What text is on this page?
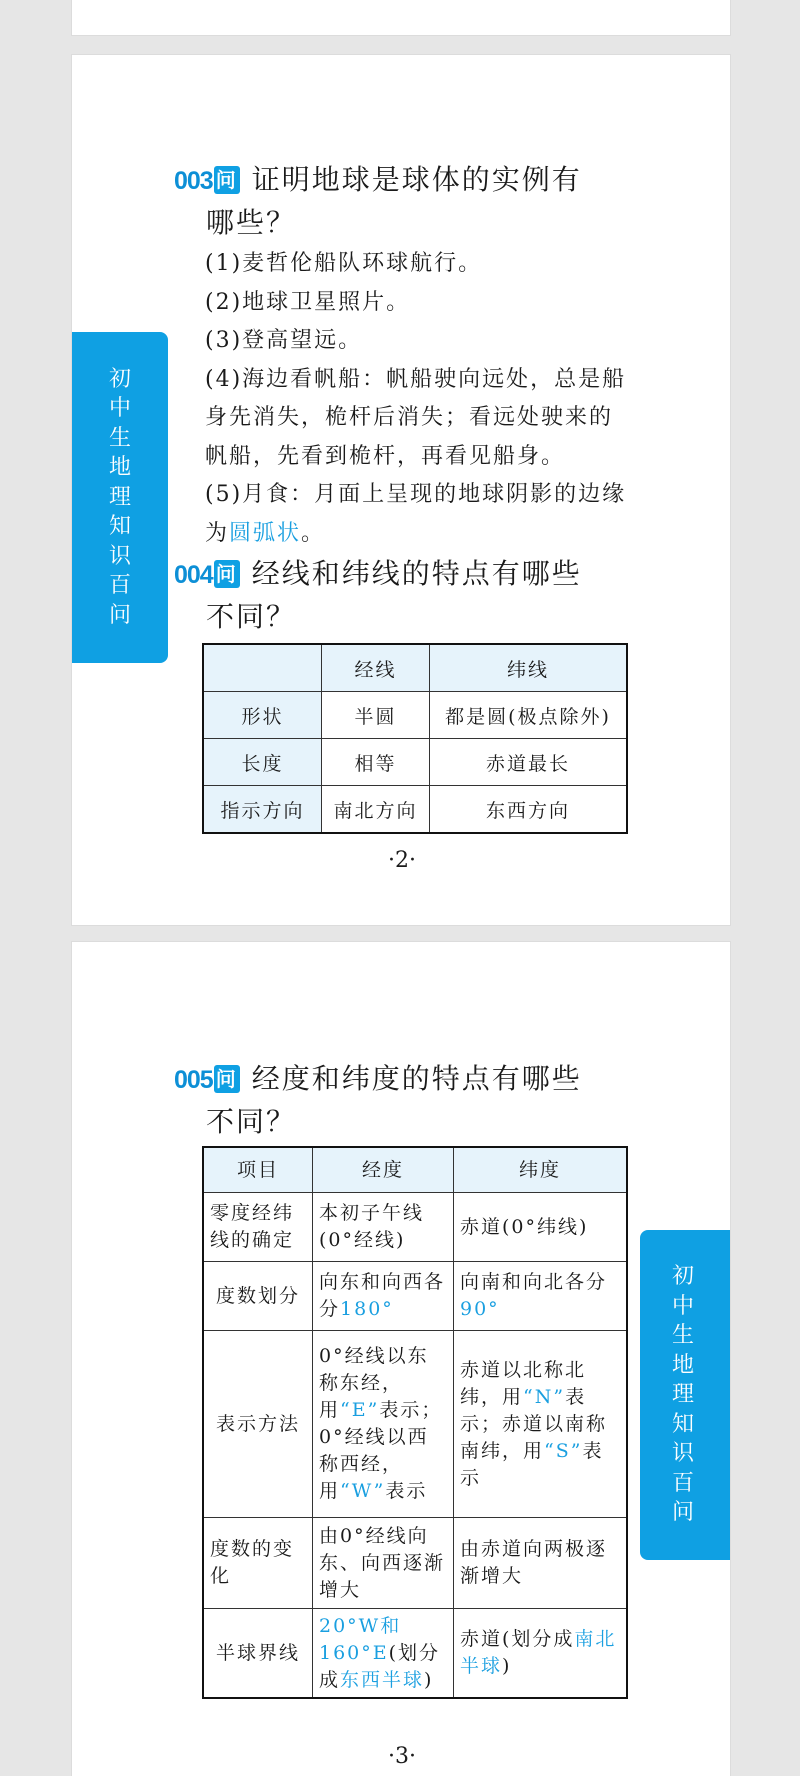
初中生地理知识百问
初中生地理知识百问
003 问 证明地球是球体的实例有
哪些？

(1)麦哲伦船队环球航行。

(2)地球卫星照片。

(3)登高望远。

(4)海边看帆船：帆船驶向远处，总是船身先消失，桅杆后消失；看远处驶来的帆船，先看到桅杆，再看见船身。

(5)月食：月面上呈现的地球阴影的边缘为圆弧状。

004 问 经线和纬线的特点有哪些
不同？
	经线	纬线
形状	半圆	都是圆(极点除外)
长度	相等	赤道最长
指示方向	南北方向	东西方向
·2·
005 问 经度和纬度的特点有哪些
不同？
项目	经度	纬度
零度经纬线的确定	本初子午线(0°经线)	赤道(0°纬线)
度数划分	向东和向西各分180°	向南和向北各分90°
表示方法	0°经线以东称东经，用“E”表示；0°经线以西称西经，用“W”表示	赤道以北称北纬，用“N”表示；赤道以南称南纬，用“S”表示
度数的变化	由0°经线向东、向西逐渐增大	由赤道向两极逐渐增大
半球界线	20°W和160°E(划分成东西半球)	赤道(划分成南北半球)
·3·
